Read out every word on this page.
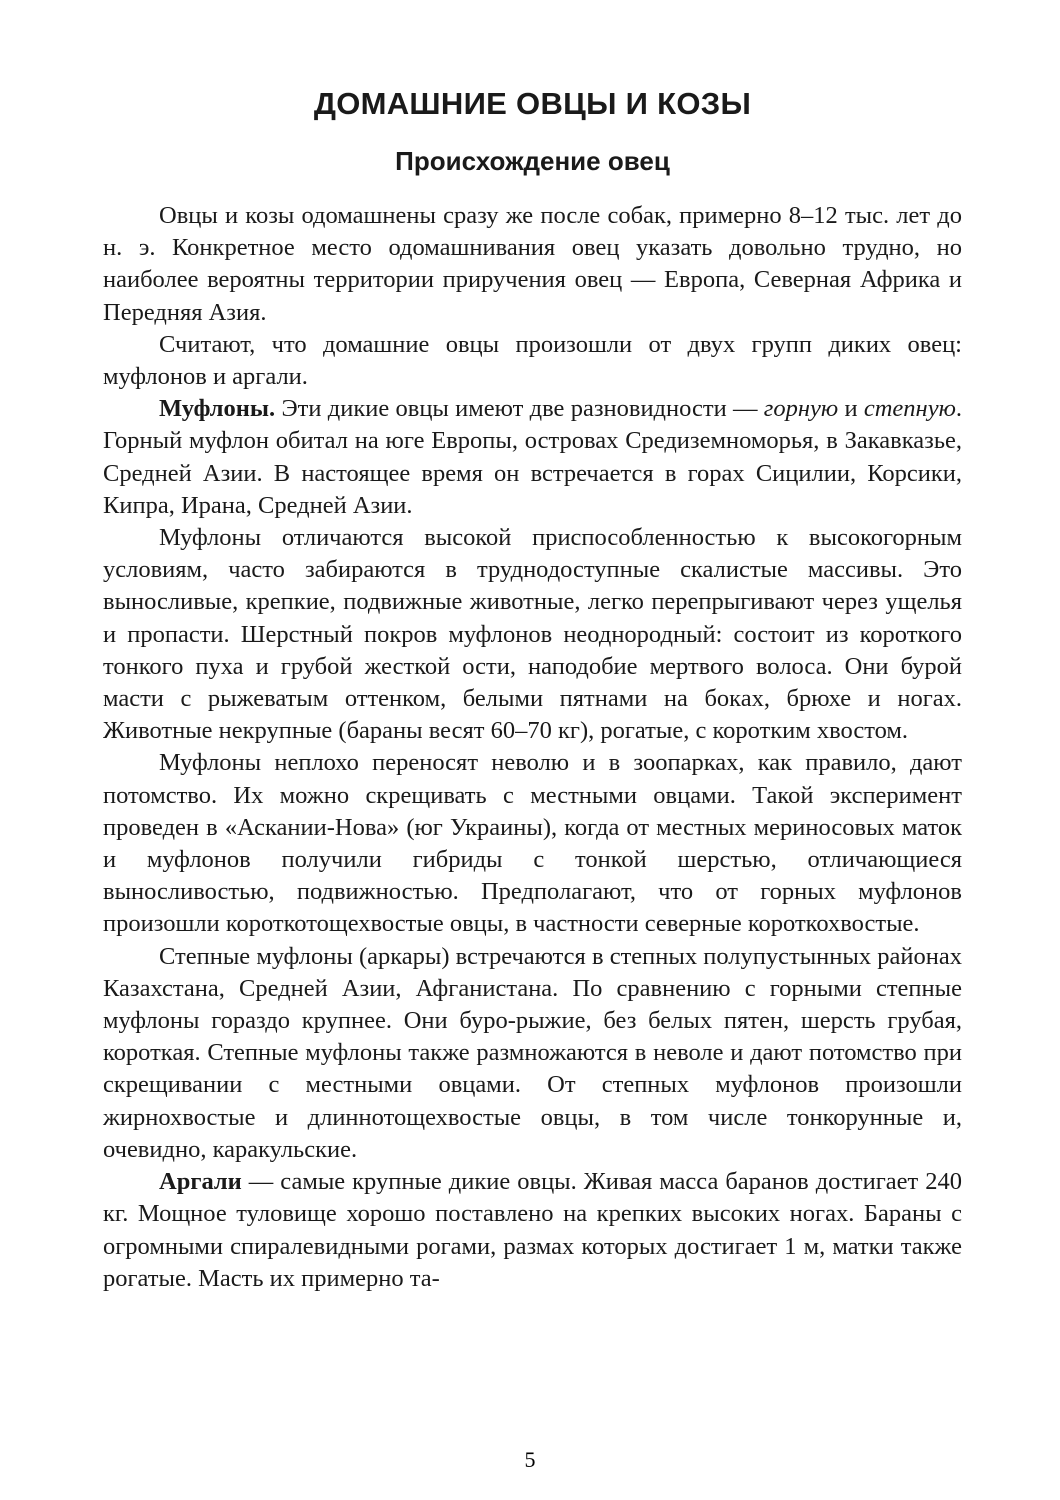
ДОМАШНИЕ ОВЦЫ И КОЗЫ
Происхождение овец

Овцы и козы одомашнены сразу же после собак, примерно 8–12 тыс. лет до н. э. Конкретное место одомашнивания овец указать довольно трудно, но наиболее вероятны территории приручения овец — Европа, Северная Африка и Передняя Азия.

Считают, что домашние овцы произошли от двух групп диких овец: муфлонов и аргали.

Муфлоны. Эти дикие овцы имеют две разновидности — горную и степную. Горный муфлон обитал на юге Европы, островах Средиземноморья, в Закавказье, Средней Азии. В настоящее время он встречается в горах Сицилии, Корсики, Кипра, Ирана, Средней Азии.

Муфлоны отличаются высокой приспособленностью к высокогорным условиям, часто забираются в труднодоступные скалистые массивы. Это выносливые, крепкие, подвижные животные, легко перепрыгивают через ущелья и пропасти. Шерстный покров муфлонов неоднородный: состоит из короткого тонкого пуха и грубой жесткой ости, наподобие мертвого волоса. Они бурой масти с рыжеватым оттенком, белыми пятнами на боках, брюхе и ногах. Животные некрупные (бараны весят 60–70 кг), рогатые, с коротким хвостом.

Муфлоны неплохо переносят неволю и в зоопарках, как правило, дают потомство. Их можно скрещивать с местными овцами. Такой эксперимент проведен в «Аскании-Нова» (юг Украины), когда от местных мериносовых маток и муфлонов получили гибриды с тонкой шерстью, отличающиеся выносливостью, подвижностью. Предполагают, что от горных муфлонов произошли короткотощехвостые овцы, в частности северные короткохвостые.

Степные муфлоны (аркары) встречаются в степных полупустынных районах Казахстана, Средней Азии, Афганистана. По сравнению с горными степные муфлоны гораздо крупнее. Они буро-рыжие, без белых пятен, шерсть грубая, короткая. Степные муфлоны также размножаются в неволе и дают потомство при скрещивании с местными овцами. От степных муфлонов произошли жирнохвостые и длиннотощехвостые овцы, в том числе тонкорунные и, очевидно, каракульские.

Аргали — самые крупные дикие овцы. Живая масса баранов достигает 240 кг. Мощное туловище хорошо поставлено на крепких высоких ногах. Бараны с огромными спиралевидными рогами, размах которых достигает 1 м, матки также рогатые. Масть их примерно та-

5
